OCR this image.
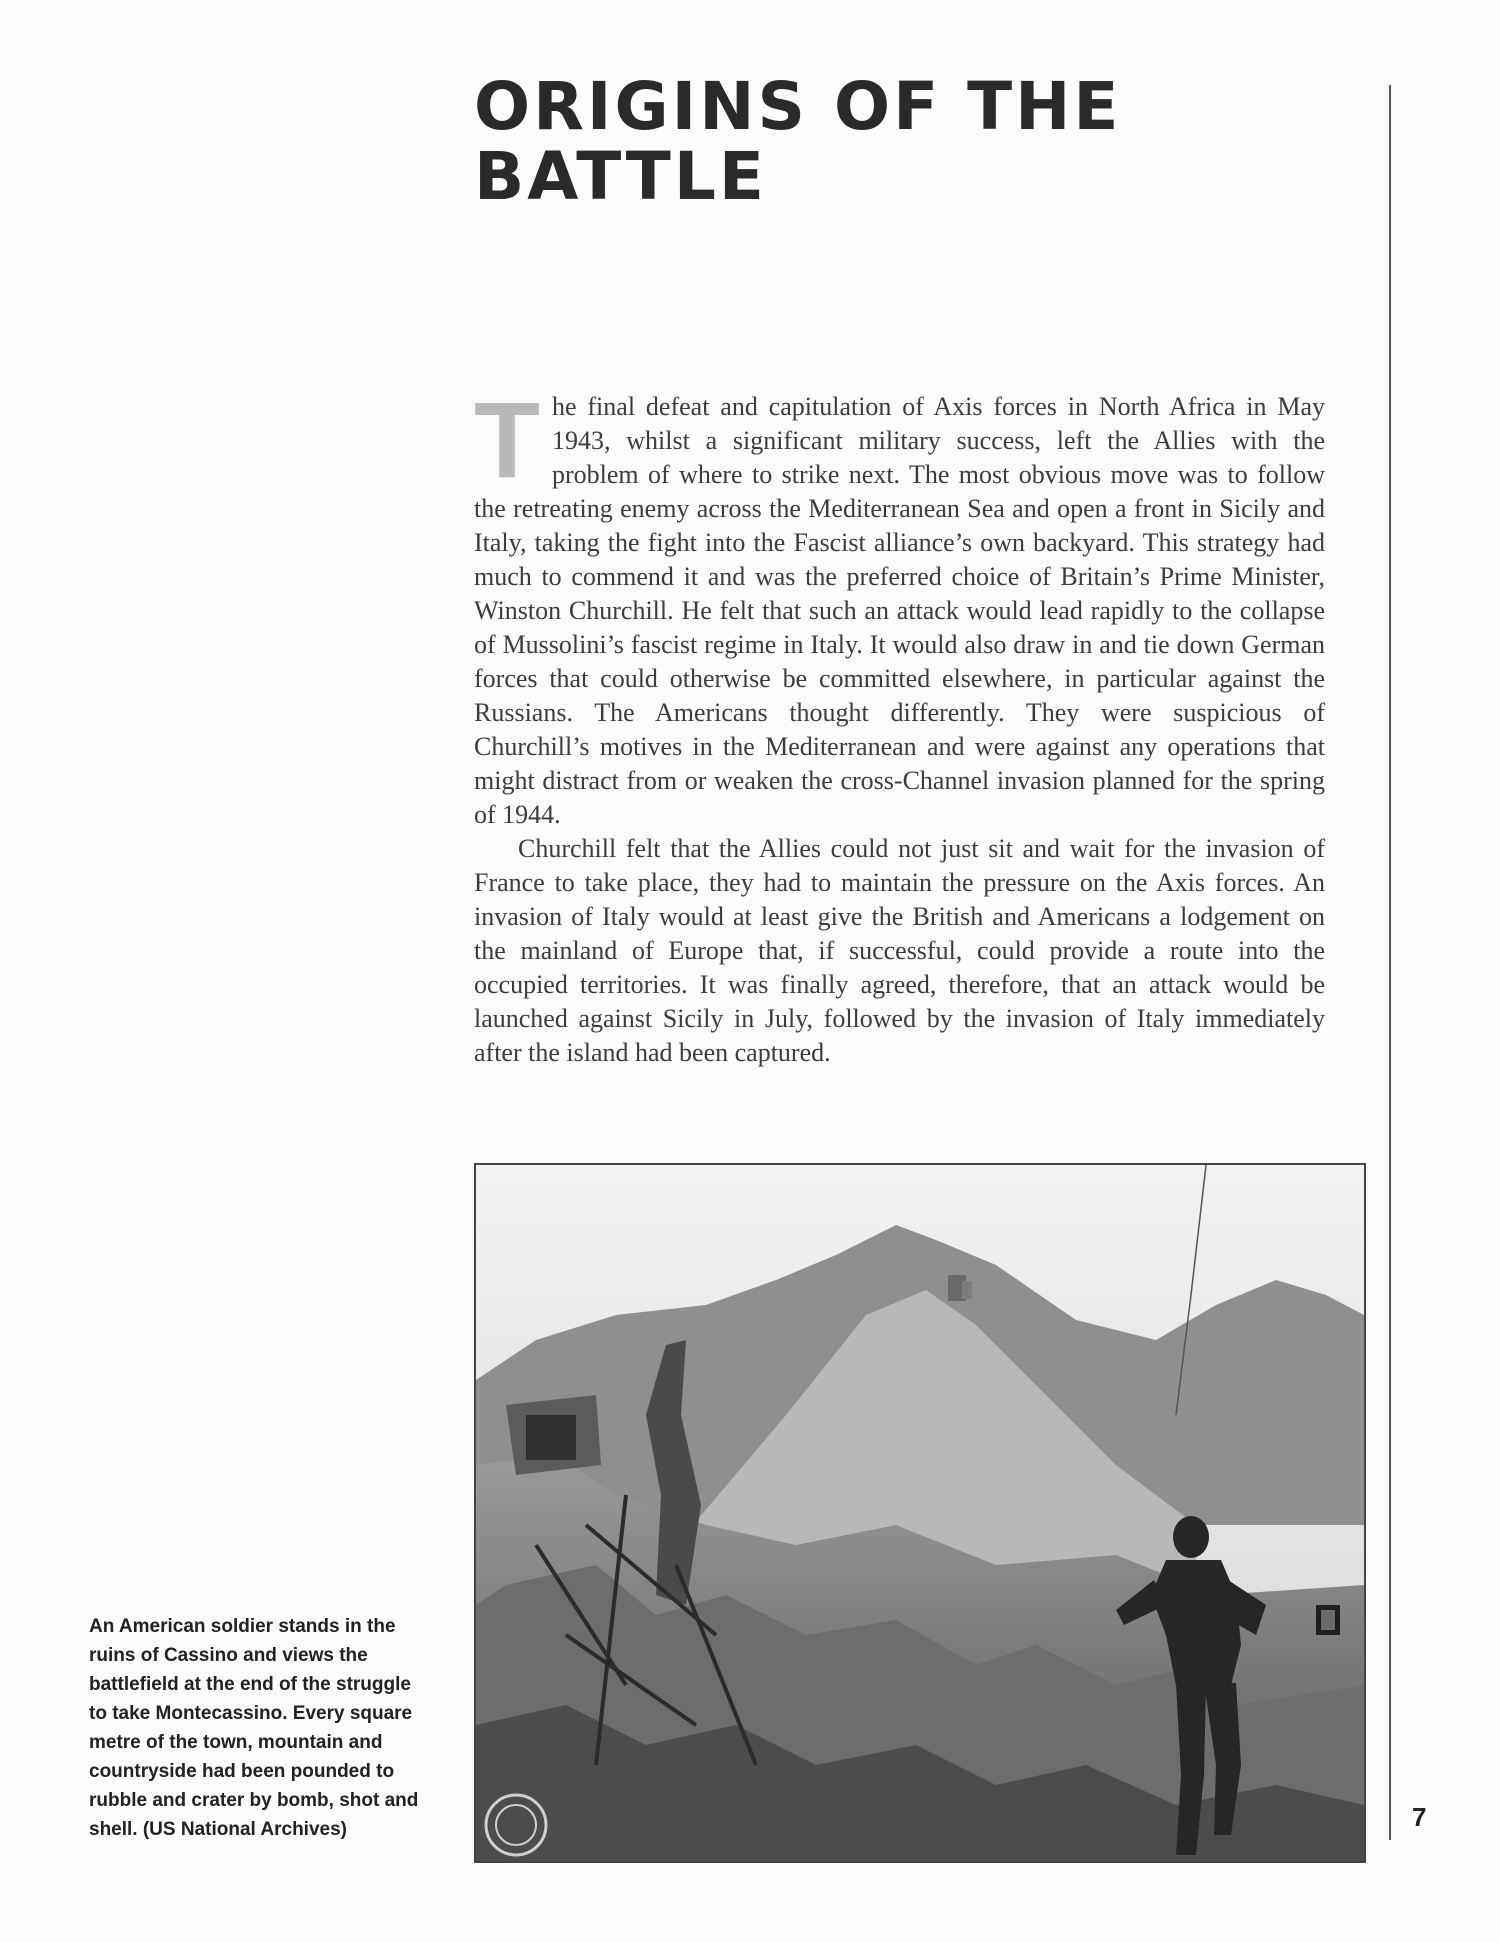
ORIGINS OF THE
BATTLE

The final defeat and capitulation of Axis forces in North Africa in May 1943, whilst a significant military success, left the Allies with the problem of where to strike next. The most obvious move was to follow the retreating enemy across the Mediterranean Sea and open a front in Sicily and Italy, taking the fight into the Fascist alliance’s own backyard. This strategy had much to commend it and was the preferred choice of Britain’s Prime Minister, Winston Churchill. He felt that such an attack would lead rapidly to the collapse of Mussolini’s fascist regime in Italy. It would also draw in and tie down German forces that could otherwise be committed elsewhere, in particular against the Russians. The Americans thought differently. They were suspicious of Churchill’s motives in the Mediterranean and were against any operations that might distract from or weaken the cross-Channel invasion planned for the spring of 1944.

Churchill felt that the Allies could not just sit and wait for the invasion of France to take place, they had to maintain the pressure on the Axis forces. An invasion of Italy would at least give the British and Americans a lodgement on the mainland of Europe that, if successful, could provide a route into the occupied territories. It was finally agreed, therefore, that an attack would be launched against Sicily in July, followed by the invasion of Italy immediately after the island had been captured.

An American soldier stands in the ruins of Cassino and views the battlefield at the end of the struggle to take Montecassino. Every square metre of the town, mountain and countryside had been pounded to rubble and crater by bomb, shot and shell. (US National Archives)	7
